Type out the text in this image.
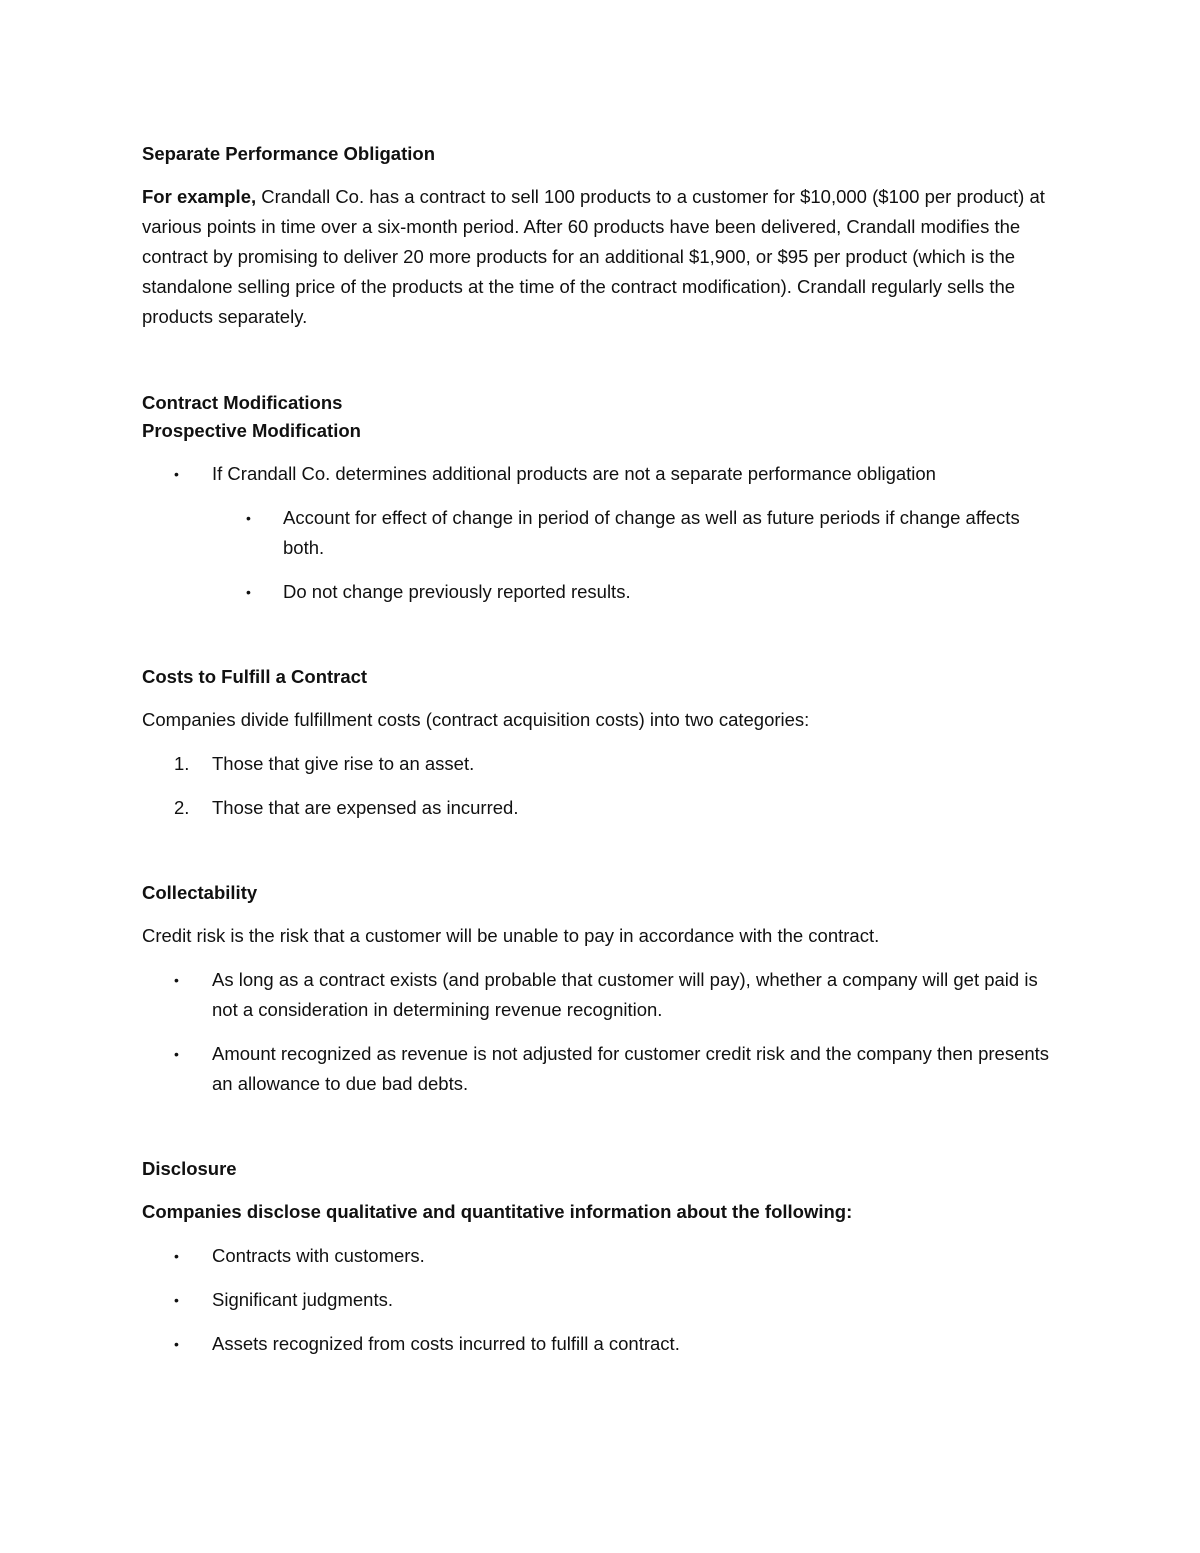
Separate Performance Obligation

For example, Crandall Co. has a contract to sell 100 products to a customer for $10,000 ($100 per product) at various points in time over a six-month period. After 60 products have been delivered, Crandall modifies the contract by promising to deliver 20 more products for an additional $1,900, or $95 per product (which is the standalone selling price of the products at the time of the contract modification). Crandall regularly sells the products separately.

Contract Modifications

Prospective Modification

•	If Crandall Co. determines additional products are not a separate performance obligation
•	Account for effect of change in period of change as well as future periods if change affects both.
•	Do not change previously reported results.

Costs to Fulfill a Contract

Companies divide fulfillment costs (contract acquisition costs) into two categories:

1.	Those that give rise to an asset.
2.	Those that are expensed as incurred.

Collectability

Credit risk is the risk that a customer will be unable to pay in accordance with the contract.

•	As long as a contract exists (and probable that customer will pay), whether a company will get paid is not a consideration in determining revenue recognition.
•	Amount recognized as revenue is not adjusted for customer credit risk and the company then presents an allowance to due bad debts.

Disclosure

Companies disclose qualitative and quantitative information about the following:

•	Contracts with customers.
•	Significant judgments.
•	Assets recognized from costs incurred to fulfill a contract.
